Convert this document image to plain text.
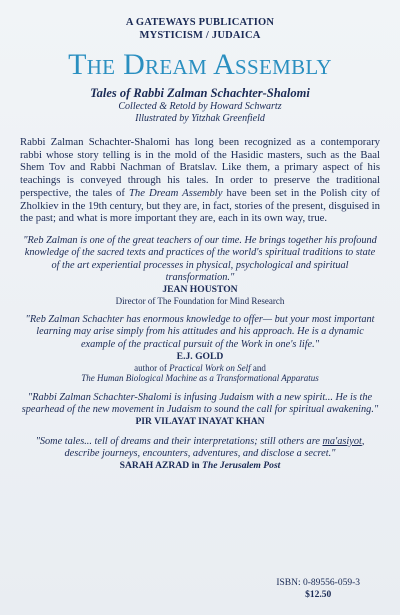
A GATEWAYS PUBLICATION
MYSTICISM / JUDAICA
The Dream Assembly
Tales of Rabbi Zalman Schachter-Shalomi
Collected & Retold by Howard Schwartz
Illustrated by Yitzhak Greenfield
Rabbi Zalman Schachter-Shalomi has long been recognized as a contemporary rabbi whose story telling is in the mold of the Hasidic masters, such as the Baal Shem Tov and Rabbi Nachman of Bratslav. Like them, a primary aspect of his teachings is conveyed through his tales. In order to preserve the traditional perspective, the tales of The Dream Assembly have been set in the Polish city of Zholkiev in the 19th century, but they are, in fact, stories of the present, disguised in the past; and what is more important they are, each in its own way, true.
"Reb Zalman is one of the great teachers of our time. He brings together his profound knowledge of the sacred texts and practices of the world's spiritual traditions to state of the art experiential processes in physical, psychological and spiritual transformation."
JEAN HOUSTON
Director of The Foundation for Mind Research
"Reb Zalman Schachter has enormous knowledge to offer— but your most important learning may arise simply from his attitudes and his approach. He is a dynamic example of the practical pursuit of the Work in one's life."
E.J. GOLD
author of Practical Work on Self and
The Human Biological Machine as a Transformational Apparatus
"Rabbi Zalman Schachter-Shalomi is infusing Judaism with a new spirit... He is the spearhead of the new movement in Judaism to sound the call for spiritual awakening."
PIR VILAYAT INAYAT KHAN
"Some tales... tell of dreams and their interpretations; still others are ma'asiyot, describe journeys, encounters, adventures, and disclose a secret."
SARAH AZRAD in The Jerusalem Post
ISBN: 0-89556-059-3
$12.50
